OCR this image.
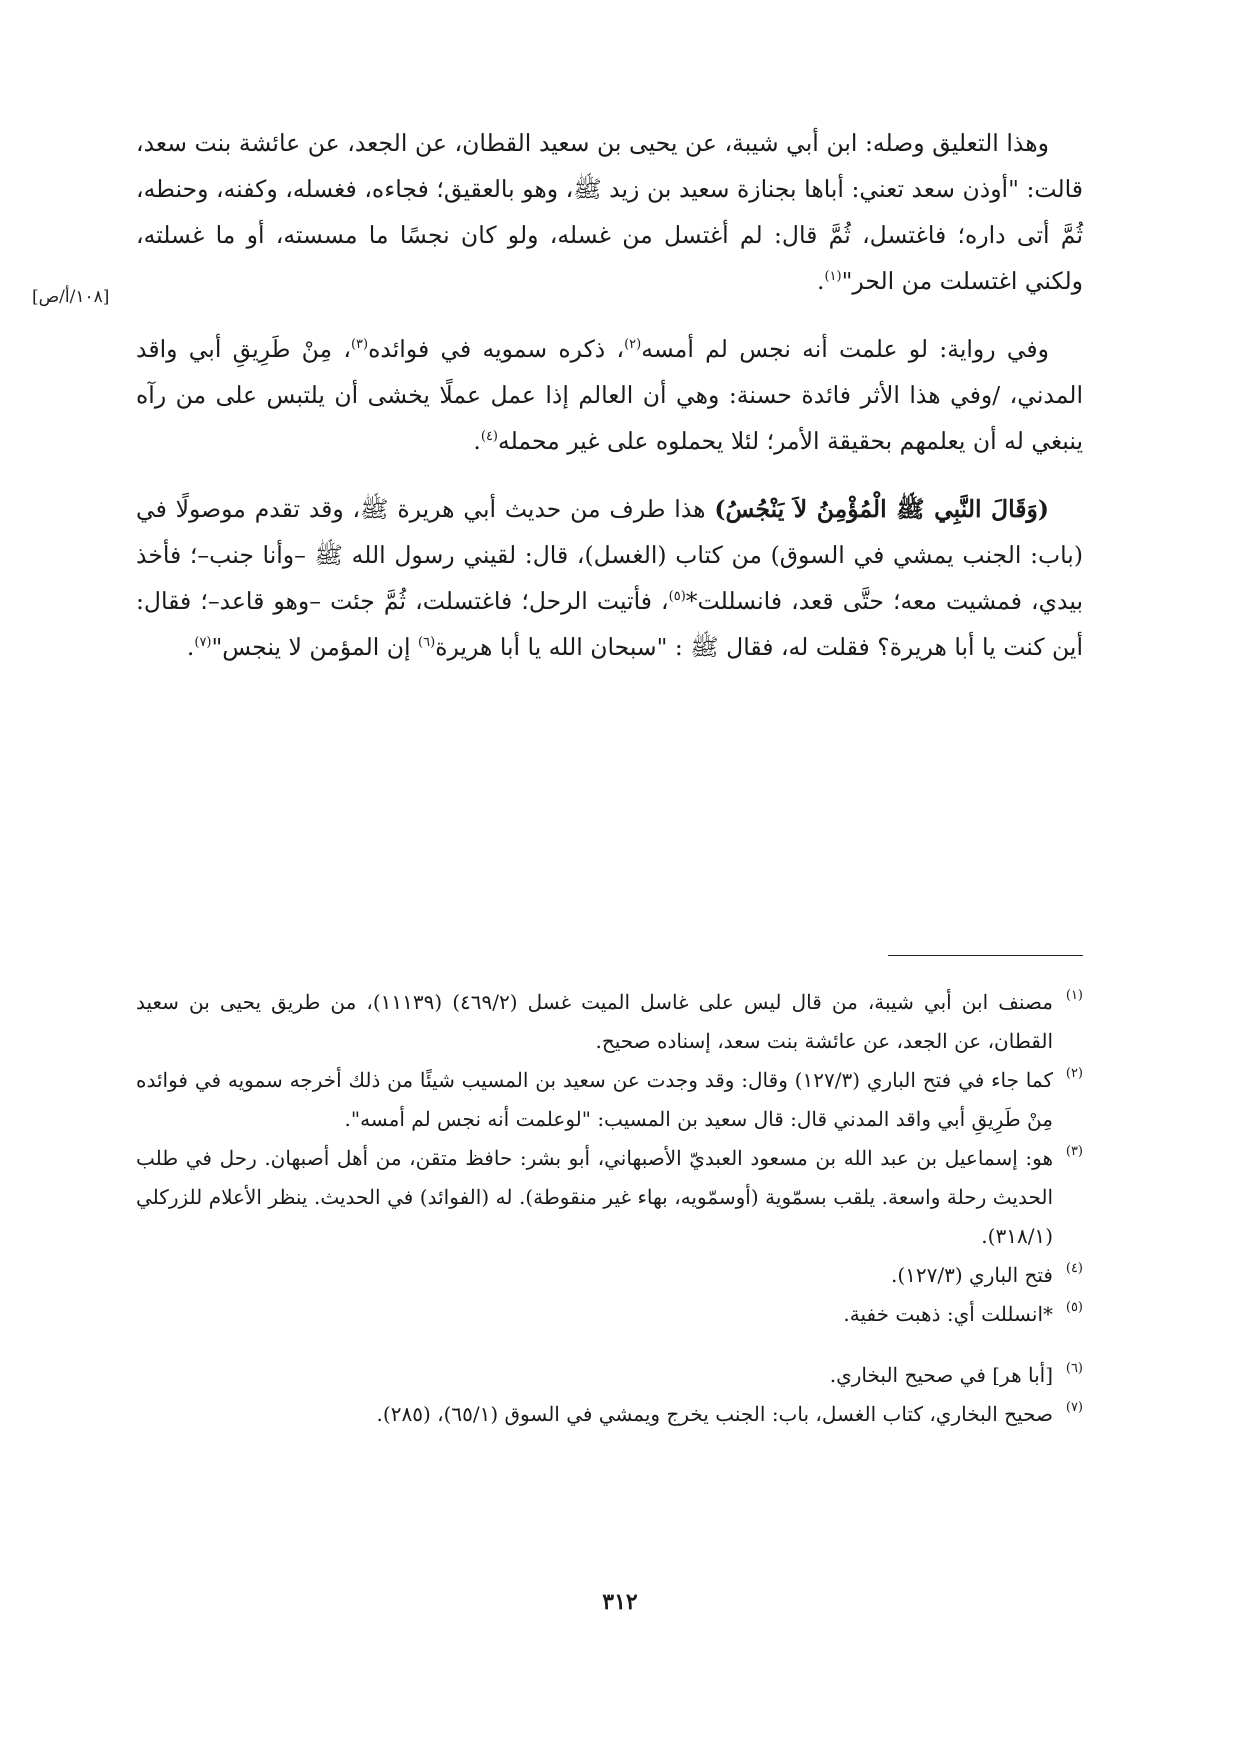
وهذا التعليق وصله: ابن أبي شيبة، عن يحيى بن سعيد القطان، عن الجعد، عن عائشة بنت سعد، قالت: "أوذن سعد تعني: أباها بجنازة سعيد بن زيد ﷺ، وهو بالعقيق؛ فجاءه، فغسله، وكفنه، وحنطه، ثُمَّ أتى داره؛ فاغتسل، ثُمَّ قال: لم أغتسل من غسله، ولو كان نجسًا ما مسسته، أو ما غسلته، ولكني اغتسلت من الحر"$^{(١)}$.

وفي رواية: لو علمت أنه نجس لم أمسه$^{(٢)}$، ذكره سمويه في فوائده$^{(٣)}$، مِنْ طَرِيقِ أبي واقد المدني، /وفي هذا الأثر فائدة حسنة: وهي أن العالم إذا عمل عملًا يخشى أن يلتبس على من رآه ينبغي له أن يعلمهم بحقيقة الأمر؛ لئلا يحملوه على غير محمله$^{(٤)}$.

(وَقَالَ النَّبِي ﷺ الْمُؤْمِنُ لاَ يَنْجُسُ) هذا طرف من حديث أبي هريرة ﷺ، وقد تقدم موصولًا في (باب: الجنب يمشي في السوق) من كتاب (الغسل)، قال: لقيني رسول الله ﷺ –وأنا جنب–؛ فأخذ بيدي، فمشيت معه؛ حتَّى قعد، فانسللت*$^{(٥)}$، فأتيت الرحل؛ فاغتسلت، ثُمَّ جئت –وهو قاعد–؛ فقال: أين كنت يا أبا هريرة؟ فقلت له، فقال ﷺ : "سبحان الله يا أبا هريرة$^{(٦)}$ إن المؤمن لا ينجس"$^{(٧)}$.

[١٠٨/أ/ص]
(١)
مصنف ابن أبي شيبة، من قال ليس على غاسل الميت غسل (٤٦٩/٢) (١١١٣٩)، من طريق يحيى بن سعيد القطان، عن الجعد، عن عائشة بنت سعد، إسناده صحيح.
(٢)
كما جاء في فتح الباري (١٢٧/٣) وقال: وقد وجدت عن سعيد بن المسيب شيئًا من ذلك أخرجه سمويه في فوائده مِنْ طَرِيقِ أبي واقد المدني قال: قال سعيد بن المسيب: "لوعلمت أنه نجس لم أمسه".
(٣)
هو: إسماعيل بن عبد الله بن مسعود العبديّ الأصبهاني، أبو بشر: حافظ متقن، من أهل أصبهان. رحل في طلب الحديث رحلة واسعة. يلقب بسمّوية (أوسمّويه، بهاء غير منقوطة). له (الفوائد) في الحديث. ينظر الأعلام للزركلي (٣١٨/١).
(٤)
فتح الباري (١٢٧/٣).
(٥)
*انسللت أي: ذهبت خفية.
(٦)
[أبا هر] في صحيح البخاري.
(٧)
صحيح البخاري، كتاب الغسل، باب: الجنب يخرج ويمشي في السوق (٦٥/١)، (٢٨٥).
٣١٢
